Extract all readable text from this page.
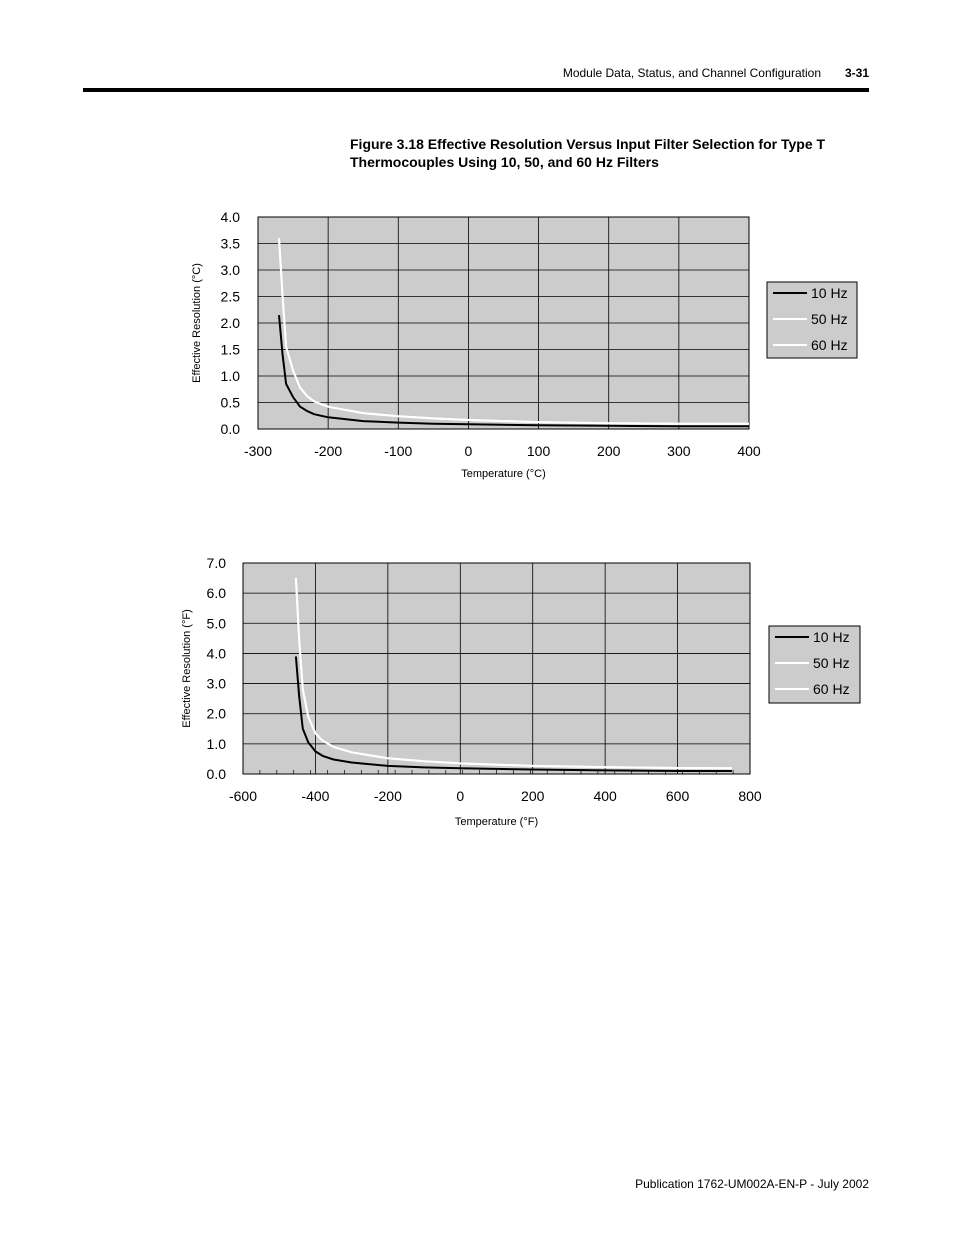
Module Data, Status, and Channel Configuration	3-31
Figure 3.18 Effective Resolution Versus Input Filter Selection for Type T
Thermocouples Using 10, 50, and 60 Hz Filters
-300	-200	-100	0	100	200	300	400
0.0
0.5
1.0
1.5
2.0
2.5
3.0
3.5
4.0
Temperature (°C)
Effective Resolution (°C)	10 Hz
50 Hz
60 Hz
-600	-400	-200	0	200	400	600	800
0.0
1.0
2.0
3.0
4.0
5.0
6.0
7.0
Temperature (°F)
Effective Resolution (°F)	10 Hz
50 Hz
60 Hz
Publication 1762-UM002A-EN-P - July 2002
